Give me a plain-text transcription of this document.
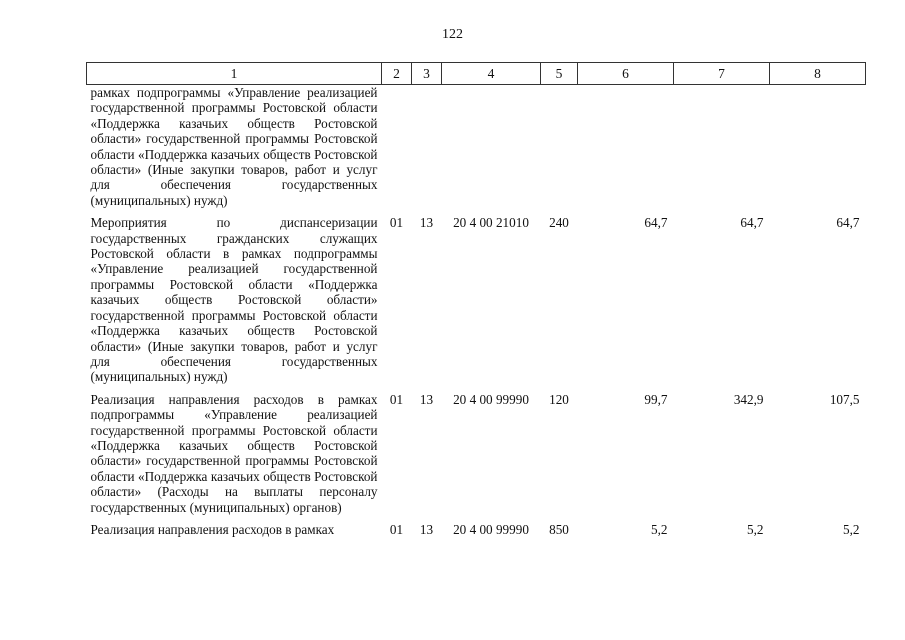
122
1	2	3	4	5	6	7	8
рамках подпрограммы «Управление реализацией государственной программы Ростовской области «Поддержка казачьих обществ Ростовской области» государственной программы Ростовской области «Поддержка казачьих обществ Ростовской области» (Иные закупки товаров, работ и услуг для обеспечения государственных (муниципальных) нужд)							
Мероприятия по диспансеризации государственных гражданских служащих Ростовской области в рамках подпрограммы «Управление реализацией государственной программы Ростовской области «Поддержка казачьих обществ Ростовской области» государственной программы Ростовской области «Поддержка казачьих обществ Ростовской области» (Иные закупки товаров, работ и услуг для обеспечения государственных (муниципальных) нужд)	01	13	20 4 00 21010	240	64,7	64,7	64,7
Реализация направления расходов в рамках подпрограммы «Управление реализацией государственной программы Ростовской области «Поддержка казачьих обществ Ростовской области» государственной программы Ростовской области «Поддержка казачьих обществ Ростовской области» (Расходы на выплаты персоналу государственных (муниципальных) органов)	01	13	20 4 00 99990	120	99,7	342,9	107,5
Реализация направления расходов в рамках	01	13	20 4 00 99990	850	5,2	5,2	5,2
